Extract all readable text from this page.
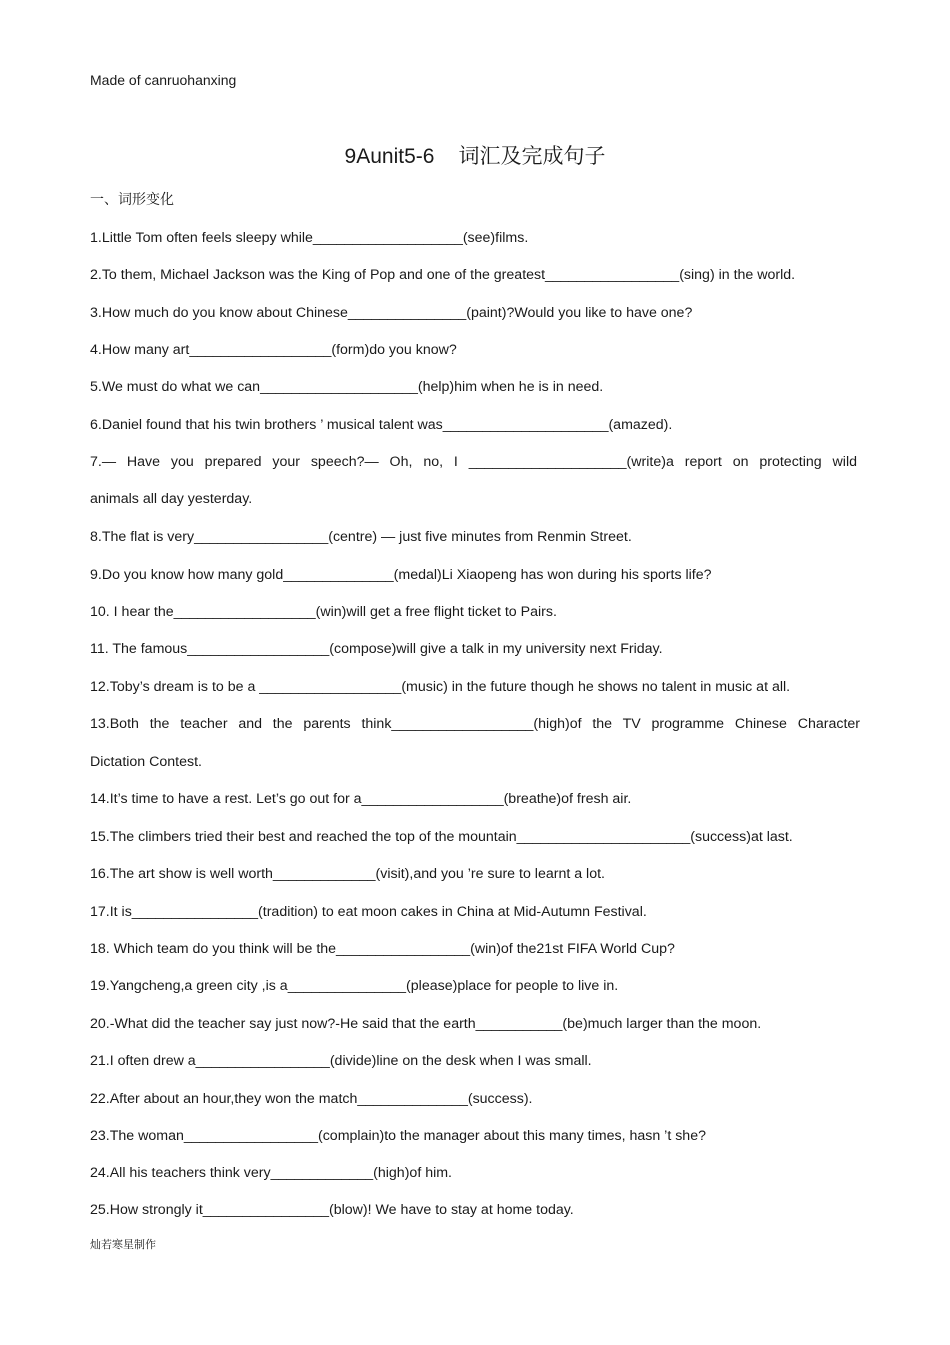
Made of canruohanxing
9Aunit5-6 词汇及完成句子
一、词形变化
1.Little Tom often feels sleepy while___________________(see)films.
2.To them, Michael Jackson was the King of Pop and one of the greatest_________________(sing) in the world.
3.How much do you know about Chinese_______________(paint)?Would you like to have one?
4.How many art__________________(form)do you know?
5.We must do what we can____________________(help)him when he is in need.
6.Daniel found that his twin brothers ’ musical talent was_____________________(amazed).
7.— Have you prepared your speech?— Oh, no, I ____________________(write)a report on protecting wild
animals all day yesterday.
8.The flat is very_________________(centre) — just five minutes from Renmin Street.
9.Do you know how many gold______________(medal)Li Xiaopeng has won during his sports life?
10. I hear the__________________(win)will get a free flight ticket to Pairs.
11. The famous__________________(compose)will give a talk in my university next Friday.
12.Toby’s dream is to be a __________________(music) in the future though he shows no talent in music at all.
13.Both the teacher and the parents think__________________(high)of the TV programme Chinese Character
Dictation Contest.
14.It’s time to have a rest. Let’s go out for a__________________(breathe)of fresh air.
15.The climbers tried their best and reached the top of the mountain______________________(success)at last.
16.The art show is well worth_____________(visit),and you ’re sure to learnt a lot.
17.It is________________(tradition) to eat moon cakes in China at Mid-Autumn Festival.
18. Which team do you think will be the_________________(win)of the21st FIFA World Cup?
19.Yangcheng,a green city ,is a_______________(please)place for people to live in.
20.-What did the teacher say just now?-He said that the earth___________(be)much larger than the moon.
21.I often drew a_________________(divide)line on the desk when I was small.
22.After about an hour,they won the match______________(success).
23.The woman_________________(complain)to the manager about this many times, hasn ’t she?
24.All his teachers think very_____________(high)of him.
25.How strongly it________________(blow)! We have to stay at home today.
灿若寒星制作
